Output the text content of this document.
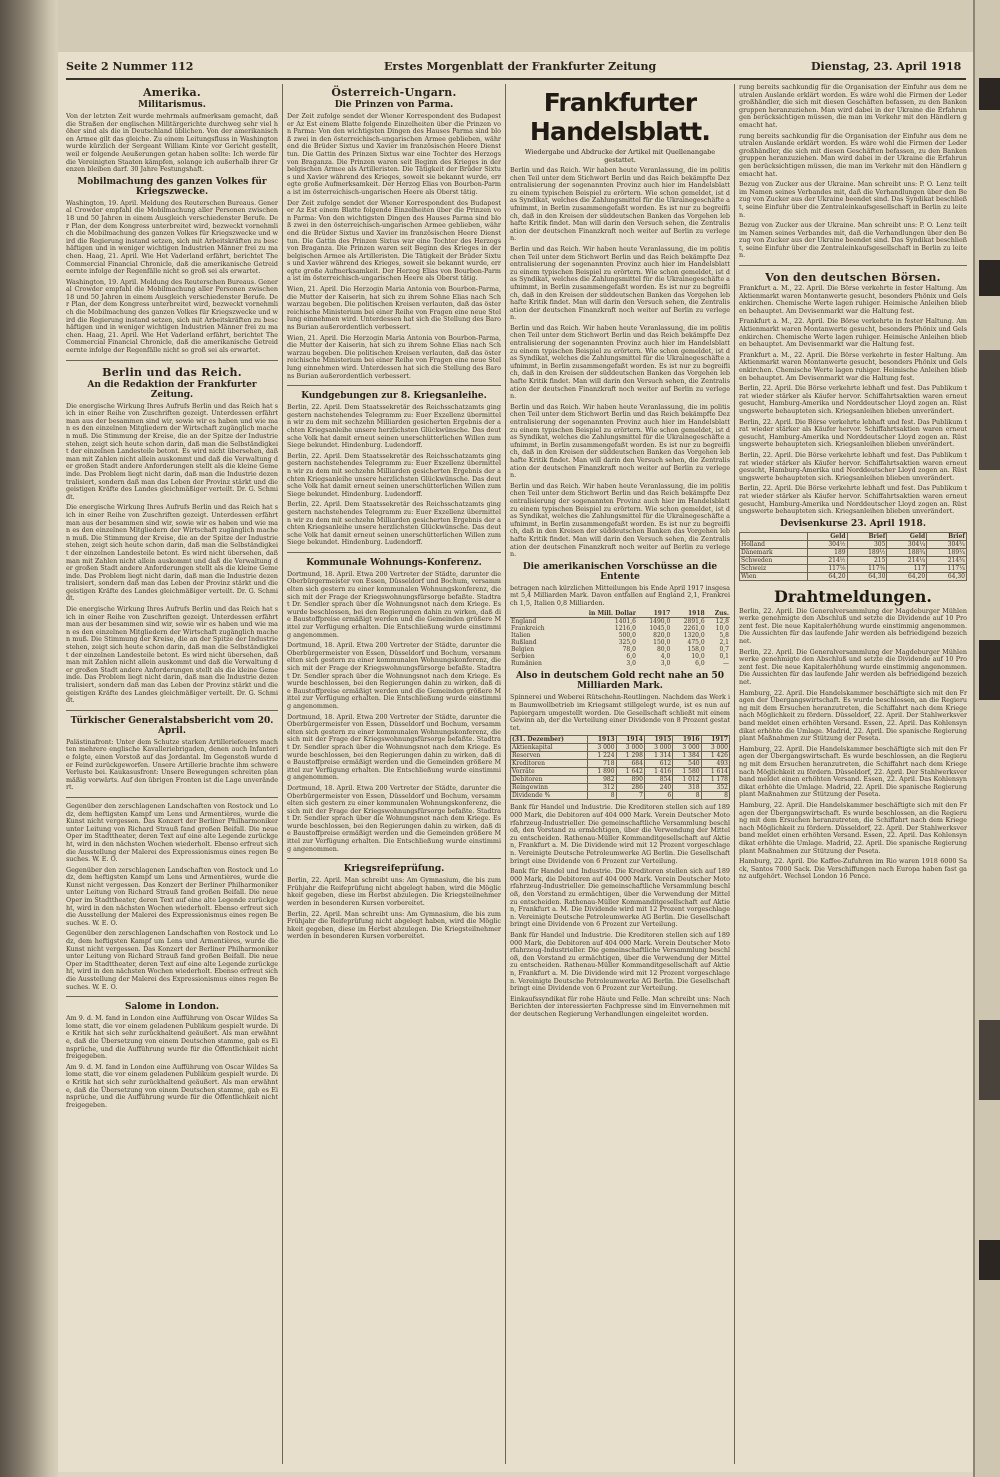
Seite 2 Nummer 112	Erstes Morgenblatt der Frankfurter Zeitung	Dienstag, 23. April 1918
Amerika.
Militarismus.

Von der letzten Zeit wurde mehrmals aufmerksam gemacht, daß die Straßen der englischen Militärgerichte durchweg sehr viel höher sind als die in Deutschland üblichen. Von der amerikanischen Armee gilt das gleiche. Zu einem Leitungsfluss in Washington wurde kürzlich der Sergeant William Kinte vor Gericht gestellt, weil er folgende Aeußerungen getan haben sollte: Ich werde für die Vereinigten Staaten kämpfen, solange ich außerhalb ihrer Grenzen bleiben darf. 30 Jahre Festungshaft.

Mobilmachung des ganzen Volkes für Kriegszwecke.

Washington, 19. April. Meldung des Reuterschen Bureaus. General Crowder empfahl die Mobilmachung aller Personen zwischen 18 und 50 Jahren in einem Ausgleich verschiedenster Berufe. Der Plan, der dem Kongress unterbreitet wird, bezweckt vornehmlich die Mobilmachung des ganzen Volkes für Kriegszwecke und wird die Regierung instand setzen, sich mit Arbeitskräften zu beschäftigen und in weniger wichtigen Industrien Männer frei zu machen. Haag, 21. April. Wie Het Vaderland erfährt, berichtet The Commercial Financial Chronicle, daß die amerikanische Getreideernte infolge der Regenfälle nicht so groß sei als erwartet.

Washington, 19. April. Meldung des Reuterschen Bureaus. General Crowder empfahl die Mobilmachung aller Personen zwischen 18 und 50 Jahren in einem Ausgleich verschiedenster Berufe. Der Plan, der dem Kongress unterbreitet wird, bezweckt vornehmlich die Mobilmachung des ganzen Volkes für Kriegszwecke und wird die Regierung instand setzen, sich mit Arbeitskräften zu beschäftigen und in weniger wichtigen Industrien Männer frei zu machen. Haag, 21. April. Wie Het Vaderland erfährt, berichtet The Commercial Financial Chronicle, daß die amerikanische Getreideernte infolge der Regenfälle nicht so groß sei als erwartet.

Berlin und das Reich.
An die Redaktion der Frankfurter Zeitung.

Die energische Wirkung Ihres Aufrufs Berlin und das Reich hat sich in einer Reihe von Zuschriften gezeigt. Unterdessen erfährt man aus der besammen sind wir, sowie wir es haben und wie man es den einzelnen Mitgliedern der Wirtschaft zugänglich machen muß. Die Stimmung der Kreise, die an der Spitze der Industrie stehen, zeigt sich heute schon darin, daß man die Selbständigkeit der einzelnen Landesteile betont. Es wird nicht übersehen, daß man mit Zahlen nicht allein auskommt und daß die Verwaltung der großen Stadt andere Anforderungen stellt als die kleine Gemeinde. Das Problem liegt nicht darin, daß man die Industrie dezentralisiert, sondern daß man das Leben der Provinz stärkt und die geistigen Kräfte des Landes gleichmäßiger verteilt. Dr. G. Schmidt.

Die energische Wirkung Ihres Aufrufs Berlin und das Reich hat sich in einer Reihe von Zuschriften gezeigt. Unterdessen erfährt man aus der besammen sind wir, sowie wir es haben und wie man es den einzelnen Mitgliedern der Wirtschaft zugänglich machen muß. Die Stimmung der Kreise, die an der Spitze der Industrie stehen, zeigt sich heute schon darin, daß man die Selbständigkeit der einzelnen Landesteile betont. Es wird nicht übersehen, daß man mit Zahlen nicht allein auskommt und daß die Verwaltung der großen Stadt andere Anforderungen stellt als die kleine Gemeinde. Das Problem liegt nicht darin, daß man die Industrie dezentralisiert, sondern daß man das Leben der Provinz stärkt und die geistigen Kräfte des Landes gleichmäßiger verteilt. Dr. G. Schmidt.

Die energische Wirkung Ihres Aufrufs Berlin und das Reich hat sich in einer Reihe von Zuschriften gezeigt. Unterdessen erfährt man aus der besammen sind wir, sowie wir es haben und wie man es den einzelnen Mitgliedern der Wirtschaft zugänglich machen muß. Die Stimmung der Kreise, die an der Spitze der Industrie stehen, zeigt sich heute schon darin, daß man die Selbständigkeit der einzelnen Landesteile betont. Es wird nicht übersehen, daß man mit Zahlen nicht allein auskommt und daß die Verwaltung der großen Stadt andere Anforderungen stellt als die kleine Gemeinde. Das Problem liegt nicht darin, daß man die Industrie dezentralisiert, sondern daß man das Leben der Provinz stärkt und die geistigen Kräfte des Landes gleichmäßiger verteilt. Dr. G. Schmidt.

Türkischer Generalstabsbericht vom 20. April.

Palästinafront: Unter dem Schutze starken Artilleriefeuers machten mehrere englische Kavalleriebrigaden, denen auch Infanterie folgte, einen Vorstoß auf das Jordantal. Im Gegenstoß wurde der Feind zurückgeworfen. Unsere Artillerie brachte ihm schwere Verluste bei. Kaukasusfront: Unsere Bewegungen schreiten planmäßig vorwärts. Auf den übrigen Fronten ist die Lage unverändert.

Gegenüber den zerschlagenen Landschaften von Rostock und Lodz, dem heftigsten Kampf um Lens und Armentières, wurde die Kunst nicht vergessen. Das Konzert der Berliner Philharmoniker unter Leitung von Richard Strauß fand großen Beifall. Die neue Oper im Stadttheater, deren Text auf eine alte Legende zurückgeht, wird in den nächsten Wochen wiederholt. Ebenso erfreut sich die Ausstellung der Malerei des Expressionismus eines regen Besuches. W. E. O.

Gegenüber den zerschlagenen Landschaften von Rostock und Lodz, dem heftigsten Kampf um Lens und Armentières, wurde die Kunst nicht vergessen. Das Konzert der Berliner Philharmoniker unter Leitung von Richard Strauß fand großen Beifall. Die neue Oper im Stadttheater, deren Text auf eine alte Legende zurückgeht, wird in den nächsten Wochen wiederholt. Ebenso erfreut sich die Ausstellung der Malerei des Expressionismus eines regen Besuches. W. E. O.

Gegenüber den zerschlagenen Landschaften von Rostock und Lodz, dem heftigsten Kampf um Lens und Armentières, wurde die Kunst nicht vergessen. Das Konzert der Berliner Philharmoniker unter Leitung von Richard Strauß fand großen Beifall. Die neue Oper im Stadttheater, deren Text auf eine alte Legende zurückgeht, wird in den nächsten Wochen wiederholt. Ebenso erfreut sich die Ausstellung der Malerei des Expressionismus eines regen Besuches. W. E. O.

Salome in London.

Am 9. d. M. fand in London eine Aufführung von Oscar Wildes Salome statt, die vor einem geladenen Publikum gespielt wurde. Die Kritik hat sich sehr zurückhaltend geäußert. Als man erwähnte, daß die Übersetzung von einem Deutschen stamme, gab es Einsprüche, und die Aufführung wurde für die Öffentlichkeit nicht freigegeben.

Am 9. d. M. fand in London eine Aufführung von Oscar Wildes Salome statt, die vor einem geladenen Publikum gespielt wurde. Die Kritik hat sich sehr zurückhaltend geäußert. Als man erwähnte, daß die Übersetzung von einem Deutschen stamme, gab es Einsprüche, und die Aufführung wurde für die Öffentlichkeit nicht freigegeben.

Österreich-Ungarn.
Die Prinzen von Parma.

Der Zeit zufolge sendet der Wiener Korrespondent des Budapester Az Est einem Blatte folgende Einzelheiten über die Prinzen von Parma: Von den wichtigsten Dingen des Hauses Parma sind bloß zwei in den österreichisch-ungarischen Armee geblieben, während die Brüder Sixtus und Xavier im französischen Heere Dienst tun. Die Gattin des Prinzen Sixtus war eine Tochter des Herzogs von Braganza. Die Prinzen waren seit Beginn des Krieges in der belgischen Armee als Artilleristen. Die Tätigkeit der Brüder Sixtus und Xavier während des Krieges, soweit sie bekannt wurde, erregte große Aufmerksamkeit. Der Herzog Elias von Bourbon-Parma ist im österreichisch-ungarischen Heere als Oberst tätig.

Der Zeit zufolge sendet der Wiener Korrespondent des Budapester Az Est einem Blatte folgende Einzelheiten über die Prinzen von Parma: Von den wichtigsten Dingen des Hauses Parma sind bloß zwei in den österreichisch-ungarischen Armee geblieben, während die Brüder Sixtus und Xavier im französischen Heere Dienst tun. Die Gattin des Prinzen Sixtus war eine Tochter des Herzogs von Braganza. Die Prinzen waren seit Beginn des Krieges in der belgischen Armee als Artilleristen. Die Tätigkeit der Brüder Sixtus und Xavier während des Krieges, soweit sie bekannt wurde, erregte große Aufmerksamkeit. Der Herzog Elias von Bourbon-Parma ist im österreichisch-ungarischen Heere als Oberst tätig.

Wien, 21. April. Die Herzogin Maria Antonia von Bourbon-Parma, die Mutter der Kaiserin, hat sich zu ihrem Sohne Elias nach Schwarzau begeben. Die politischen Kreisen verlauten, daß das österreichische Ministerium bei einer Reihe von Fragen eine neue Stellung einnehmen wird. Unterdessen hat sich die Stellung des Barons Burian außerordentlich verbessert.

Wien, 21. April. Die Herzogin Maria Antonia von Bourbon-Parma, die Mutter der Kaiserin, hat sich zu ihrem Sohne Elias nach Schwarzau begeben. Die politischen Kreisen verlauten, daß das österreichische Ministerium bei einer Reihe von Fragen eine neue Stellung einnehmen wird. Unterdessen hat sich die Stellung des Barons Burian außerordentlich verbessert.

Kundgebungen zur 8. Kriegsanleihe.

Berlin, 22. April. Dem Staatssekretär des Reichsschatzamts ging gestern nachstehendes Telegramm zu: Euer Exzellenz übermitteln wir zu dem mit sechzehn Milliarden gesicherten Ergebnis der achten Kriegsanleihe unsere herzlichsten Glückwünsche. Das deutsche Volk hat damit erneut seinen unerschütterlichen Willen zum Siege bekundet. Hindenburg. Ludendorff.

Berlin, 22. April. Dem Staatssekretär des Reichsschatzamts ging gestern nachstehendes Telegramm zu: Euer Exzellenz übermitteln wir zu dem mit sechzehn Milliarden gesicherten Ergebnis der achten Kriegsanleihe unsere herzlichsten Glückwünsche. Das deutsche Volk hat damit erneut seinen unerschütterlichen Willen zum Siege bekundet. Hindenburg. Ludendorff.

Berlin, 22. April. Dem Staatssekretär des Reichsschatzamts ging gestern nachstehendes Telegramm zu: Euer Exzellenz übermitteln wir zu dem mit sechzehn Milliarden gesicherten Ergebnis der achten Kriegsanleihe unsere herzlichsten Glückwünsche. Das deutsche Volk hat damit erneut seinen unerschütterlichen Willen zum Siege bekundet. Hindenburg. Ludendorff.

Kommunale Wohnungs-Konferenz.

Dortmund, 18. April. Etwa 200 Vertreter der Städte, darunter die Oberbürgermeister von Essen, Düsseldorf und Bochum, versammelten sich gestern zu einer kommunalen Wohnungskonferenz, die sich mit der Frage der Kriegswohnungsfürsorge befaßte. Stadtrat Dr. Sendler sprach über die Wohnungsnot nach dem Kriege. Es wurde beschlossen, bei den Regierungen dahin zu wirken, daß die Baustoffpreise ermäßigt werden und die Gemeinden größere Mittel zur Verfügung erhalten. Die Entschließung wurde einstimmig angenommen.

Dortmund, 18. April. Etwa 200 Vertreter der Städte, darunter die Oberbürgermeister von Essen, Düsseldorf und Bochum, versammelten sich gestern zu einer kommunalen Wohnungskonferenz, die sich mit der Frage der Kriegswohnungsfürsorge befaßte. Stadtrat Dr. Sendler sprach über die Wohnungsnot nach dem Kriege. Es wurde beschlossen, bei den Regierungen dahin zu wirken, daß die Baustoffpreise ermäßigt werden und die Gemeinden größere Mittel zur Verfügung erhalten. Die Entschließung wurde einstimmig angenommen.

Dortmund, 18. April. Etwa 200 Vertreter der Städte, darunter die Oberbürgermeister von Essen, Düsseldorf und Bochum, versammelten sich gestern zu einer kommunalen Wohnungskonferenz, die sich mit der Frage der Kriegswohnungsfürsorge befaßte. Stadtrat Dr. Sendler sprach über die Wohnungsnot nach dem Kriege. Es wurde beschlossen, bei den Regierungen dahin zu wirken, daß die Baustoffpreise ermäßigt werden und die Gemeinden größere Mittel zur Verfügung erhalten. Die Entschließung wurde einstimmig angenommen.

Dortmund, 18. April. Etwa 200 Vertreter der Städte, darunter die Oberbürgermeister von Essen, Düsseldorf und Bochum, versammelten sich gestern zu einer kommunalen Wohnungskonferenz, die sich mit der Frage der Kriegswohnungsfürsorge befaßte. Stadtrat Dr. Sendler sprach über die Wohnungsnot nach dem Kriege. Es wurde beschlossen, bei den Regierungen dahin zu wirken, daß die Baustoffpreise ermäßigt werden und die Gemeinden größere Mittel zur Verfügung erhalten. Die Entschließung wurde einstimmig angenommen.

Kriegsreifeprüfung.

Berlin, 22. April. Man schreibt uns: Am Gymnasium, die bis zum Frühjahr die Reifeprüfung nicht abgelegt haben, wird die Möglichkeit gegeben, diese im Herbst abzulegen. Die Kriegsteilnehmer werden in besonderen Kursen vorbereitet.

Berlin, 22. April. Man schreibt uns: Am Gymnasium, die bis zum Frühjahr die Reifeprüfung nicht abgelegt haben, wird die Möglichkeit gegeben, diese im Herbst abzulegen. Die Kriegsteilnehmer werden in besonderen Kursen vorbereitet.

Frankfurter Handelsblatt.
Wiedergabe und Abdrucke der Artikel mit Quellenangabe gestattet.

Berlin und das Reich. Wir haben heute Veranlassung, die im politischen Teil unter dem Stichwort Berlin und das Reich bekämpfte Dezentralisierung der sogenannten Provinz auch hier im Handelsblatt zu einem typischen Beispiel zu erörtern. Wie schon gemeldet, ist das Syndikat, welches die Zahlungsmittel für die Ukrainegeschäfte aufnimmt, in Berlin zusammengefaßt worden. Es ist nur zu begreiflich, daß in den Kreisen der süddeutschen Banken das Vorgehen lebhafte Kritik findet. Man will darin den Versuch sehen, die Zentralisation der deutschen Finanzkraft noch weiter auf Berlin zu verlegen.

Berlin und das Reich. Wir haben heute Veranlassung, die im politischen Teil unter dem Stichwort Berlin und das Reich bekämpfte Dezentralisierung der sogenannten Provinz auch hier im Handelsblatt zu einem typischen Beispiel zu erörtern. Wie schon gemeldet, ist das Syndikat, welches die Zahlungsmittel für die Ukrainegeschäfte aufnimmt, in Berlin zusammengefaßt worden. Es ist nur zu begreiflich, daß in den Kreisen der süddeutschen Banken das Vorgehen lebhafte Kritik findet. Man will darin den Versuch sehen, die Zentralisation der deutschen Finanzkraft noch weiter auf Berlin zu verlegen.

Berlin und das Reich. Wir haben heute Veranlassung, die im politischen Teil unter dem Stichwort Berlin und das Reich bekämpfte Dezentralisierung der sogenannten Provinz auch hier im Handelsblatt zu einem typischen Beispiel zu erörtern. Wie schon gemeldet, ist das Syndikat, welches die Zahlungsmittel für die Ukrainegeschäfte aufnimmt, in Berlin zusammengefaßt worden. Es ist nur zu begreiflich, daß in den Kreisen der süddeutschen Banken das Vorgehen lebhafte Kritik findet. Man will darin den Versuch sehen, die Zentralisation der deutschen Finanzkraft noch weiter auf Berlin zu verlegen.

Berlin und das Reich. Wir haben heute Veranlassung, die im politischen Teil unter dem Stichwort Berlin und das Reich bekämpfte Dezentralisierung der sogenannten Provinz auch hier im Handelsblatt zu einem typischen Beispiel zu erörtern. Wie schon gemeldet, ist das Syndikat, welches die Zahlungsmittel für die Ukrainegeschäfte aufnimmt, in Berlin zusammengefaßt worden. Es ist nur zu begreiflich, daß in den Kreisen der süddeutschen Banken das Vorgehen lebhafte Kritik findet. Man will darin den Versuch sehen, die Zentralisation der deutschen Finanzkraft noch weiter auf Berlin zu verlegen.

Berlin und das Reich. Wir haben heute Veranlassung, die im politischen Teil unter dem Stichwort Berlin und das Reich bekämpfte Dezentralisierung der sogenannten Provinz auch hier im Handelsblatt zu einem typischen Beispiel zu erörtern. Wie schon gemeldet, ist das Syndikat, welches die Zahlungsmittel für die Ukrainegeschäfte aufnimmt, in Berlin zusammengefaßt worden. Es ist nur zu begreiflich, daß in den Kreisen der süddeutschen Banken das Vorgehen lebhafte Kritik findet. Man will darin den Versuch sehen, die Zentralisation der deutschen Finanzkraft noch weiter auf Berlin zu verlegen.

Die amerikanischen Vorschüsse an die Entente

betragen nach kürzlichen Mitteilungen bis Ende April 1917 insgesamt 5,4 Milliarden Mark. Davon entfallen auf England 2,1, Frankreich 1,5, Italien 0,8 Milliarden.

	in Mill. Dollar	1917	1918	Zus.
England	1401,6	1490,0	2891,6	12,8
Frankreich	1216,0	1045,0	2261,0	10,0
Italien	500,0	820,0	1320,0	5,8
Rußland	325,0	150,0	475,0	2,1
Belgien	78,0	80,0	158,0	0,7
Serbien	6,0	4,0	10,0	0,1
Rumänien	3,0	3,0	6,0	—
Also in deutschem Gold recht nahe an 50 Milliarden Mark.

Spinnerei und Weberei Rütschehn-Reutlingen. Nachdem das Werk im Baumwollbetrieb im Kriegsamt stillgelegt wurde, ist es nun auf Papiergarn umgestellt worden. Die Gesellschaft schließt mit einem Gewinn ab, der die Verteilung einer Dividende von 8 Prozent gestattet.

(31. Dezember)	1913	1914	1915	1916	1917
Aktienkapital	3 000	3 000	3 000	3 000	3 000
Reserven	1 224	1 298	1 314	1 384	1 426
Kreditoren	718	684	612	540	493
Vorräte	1 890	1 642	1 416	1 580	1 614
Debitoren	982	890	854	1 012	1 178
Reingewinn	312	286	240	318	352
Dividende %	8	7	6	8	8

Bank für Handel und Industrie. Die Kreditoren stellen sich auf 189 000 Mark, die Debitoren auf 404 000 Mark. Verein Deutscher Motorfahrzeug-Industrieller. Die gemeinschaftliche Versammlung beschloß, den Vorstand zu ermächtigen, über die Verwendung der Mittel zu entscheiden. Rathenau-Müller Kommanditgesellschaft auf Aktien, Frankfurt a. M. Die Dividende wird mit 12 Prozent vorgeschlagen. Vereinigte Deutsche Petroleumwerke AG Berlin. Die Gesellschaft bringt eine Dividende von 6 Prozent zur Verteilung.

Bank für Handel und Industrie. Die Kreditoren stellen sich auf 189 000 Mark, die Debitoren auf 404 000 Mark. Verein Deutscher Motorfahrzeug-Industrieller. Die gemeinschaftliche Versammlung beschloß, den Vorstand zu ermächtigen, über die Verwendung der Mittel zu entscheiden. Rathenau-Müller Kommanditgesellschaft auf Aktien, Frankfurt a. M. Die Dividende wird mit 12 Prozent vorgeschlagen. Vereinigte Deutsche Petroleumwerke AG Berlin. Die Gesellschaft bringt eine Dividende von 6 Prozent zur Verteilung.

Bank für Handel und Industrie. Die Kreditoren stellen sich auf 189 000 Mark, die Debitoren auf 404 000 Mark. Verein Deutscher Motorfahrzeug-Industrieller. Die gemeinschaftliche Versammlung beschloß, den Vorstand zu ermächtigen, über die Verwendung der Mittel zu entscheiden. Rathenau-Müller Kommanditgesellschaft auf Aktien, Frankfurt a. M. Die Dividende wird mit 12 Prozent vorgeschlagen. Vereinigte Deutsche Petroleumwerke AG Berlin. Die Gesellschaft bringt eine Dividende von 6 Prozent zur Verteilung.

Einkaufssyndikat für rohe Häute und Felle. Man schreibt uns: Nach Berichten der interessierten Fachpresse sind im Einvernehmen mit der deutschen Regierung Verhandlungen eingeleitet worden.

rung bereits sachkundig für die Organisation der Einfuhr aus dem neutralen Auslande erklärt worden. Es wäre wohl die Firmen der Ledergroßhändler, die sich mit diesen Geschäften befassen, zu den Bankengruppen heranzuziehen. Man wird dabei in der Ukraine die Erfahrungen berücksichtigen müssen, die man im Verkehr mit den Händlern gemacht hat.

rung bereits sachkundig für die Organisation der Einfuhr aus dem neutralen Auslande erklärt worden. Es wäre wohl die Firmen der Ledergroßhändler, die sich mit diesen Geschäften befassen, zu den Bankengruppen heranzuziehen. Man wird dabei in der Ukraine die Erfahrungen berücksichtigen müssen, die man im Verkehr mit den Händlern gemacht hat.

Bezug von Zucker aus der Ukraine. Man schreibt uns: P. O. Lenz teilt im Namen seines Verbandes mit, daß die Verhandlungen über den Bezug von Zucker aus der Ukraine beendet sind. Das Syndikat beschließt, seine Einfuhr über die Zentraleinkaufsgesellschaft in Berlin zu leiten.

Bezug von Zucker aus der Ukraine. Man schreibt uns: P. O. Lenz teilt im Namen seines Verbandes mit, daß die Verhandlungen über den Bezug von Zucker aus der Ukraine beendet sind. Das Syndikat beschließt, seine Einfuhr über die Zentraleinkaufsgesellschaft in Berlin zu leiten.

Von den deutschen Börsen.

Frankfurt a. M., 22. April. Die Börse verkehrte in fester Haltung. Am Aktienmarkt waren Montanwerte gesucht, besonders Phönix und Gelsenkirchen. Chemische Werte lagen ruhiger. Heimische Anleihen blieben behauptet. Am Devisenmarkt war die Haltung fest.

Frankfurt a. M., 22. April. Die Börse verkehrte in fester Haltung. Am Aktienmarkt waren Montanwerte gesucht, besonders Phönix und Gelsenkirchen. Chemische Werte lagen ruhiger. Heimische Anleihen blieben behauptet. Am Devisenmarkt war die Haltung fest.

Frankfurt a. M., 22. April. Die Börse verkehrte in fester Haltung. Am Aktienmarkt waren Montanwerte gesucht, besonders Phönix und Gelsenkirchen. Chemische Werte lagen ruhiger. Heimische Anleihen blieben behauptet. Am Devisenmarkt war die Haltung fest.

Berlin, 22. April. Die Börse verkehrte lebhaft und fest. Das Publikum trat wieder stärker als Käufer hervor. Schiffahrtsaktien waren erneut gesucht, Hamburg-Amerika und Norddeutscher Lloyd zogen an. Rüstungswerte behaupteten sich. Kriegsanleihen blieben unverändert.

Berlin, 22. April. Die Börse verkehrte lebhaft und fest. Das Publikum trat wieder stärker als Käufer hervor. Schiffahrtsaktien waren erneut gesucht, Hamburg-Amerika und Norddeutscher Lloyd zogen an. Rüstungswerte behaupteten sich. Kriegsanleihen blieben unverändert.

Berlin, 22. April. Die Börse verkehrte lebhaft und fest. Das Publikum trat wieder stärker als Käufer hervor. Schiffahrtsaktien waren erneut gesucht, Hamburg-Amerika und Norddeutscher Lloyd zogen an. Rüstungswerte behaupteten sich. Kriegsanleihen blieben unverändert.

Berlin, 22. April. Die Börse verkehrte lebhaft und fest. Das Publikum trat wieder stärker als Käufer hervor. Schiffahrtsaktien waren erneut gesucht, Hamburg-Amerika und Norddeutscher Lloyd zogen an. Rüstungswerte behaupteten sich. Kriegsanleihen blieben unverändert.

Devisenkurse 23. April 1918.
	Geld	Brief	Geld	Brief
Holland	304½	305	304¼	304¾
Dänemark	189	189½	188¾	189¼
Schweden	214½	215	214¼	214¾
Schweiz	117⅛	117⅜	117	117¼
Wien	64,20	64,30	64,20	64,30
Drahtmeldungen.

Berlin, 22. April. Die Generalversammlung der Magdeburger Mühlenwerke genehmigte den Abschluß und setzte die Dividende auf 10 Prozent fest. Die neue Kapitalerhöhung wurde einstimmig angenommen. Die Aussichten für das laufende Jahr werden als befriedigend bezeichnet.

Berlin, 22. April. Die Generalversammlung der Magdeburger Mühlenwerke genehmigte den Abschluß und setzte die Dividende auf 10 Prozent fest. Die neue Kapitalerhöhung wurde einstimmig angenommen. Die Aussichten für das laufende Jahr werden als befriedigend bezeichnet.

Hamburg, 22. April. Die Handelskammer beschäftigte sich mit den Fragen der Übergangswirtschaft. Es wurde beschlossen, an die Regierung mit dem Ersuchen heranzutreten, die Schiffahrt nach dem Kriege nach Möglichkeit zu fördern. Düsseldorf, 22. April. Der Stahlwerksverband meldet einen erhöhten Versand. Essen, 22. April. Das Kohlensyndikat erhöhte die Umlage. Madrid, 22. April. Die spanische Regierung plant Maßnahmen zur Stützung der Peseta.

Hamburg, 22. April. Die Handelskammer beschäftigte sich mit den Fragen der Übergangswirtschaft. Es wurde beschlossen, an die Regierung mit dem Ersuchen heranzutreten, die Schiffahrt nach dem Kriege nach Möglichkeit zu fördern. Düsseldorf, 22. April. Der Stahlwerksverband meldet einen erhöhten Versand. Essen, 22. April. Das Kohlensyndikat erhöhte die Umlage. Madrid, 22. April. Die spanische Regierung plant Maßnahmen zur Stützung der Peseta.

Hamburg, 22. April. Die Handelskammer beschäftigte sich mit den Fragen der Übergangswirtschaft. Es wurde beschlossen, an die Regierung mit dem Ersuchen heranzutreten, die Schiffahrt nach dem Kriege nach Möglichkeit zu fördern. Düsseldorf, 22. April. Der Stahlwerksverband meldet einen erhöhten Versand. Essen, 22. April. Das Kohlensyndikat erhöhte die Umlage. Madrid, 22. April. Die spanische Regierung plant Maßnahmen zur Stützung der Peseta.

Hamburg, 22. April. Die Kaffee-Zufuhren im Rio waren 1918 6000 Sack, Santos 7000 Sack. Die Verschiffungen nach Europa haben fast ganz aufgehört. Wechsel London 16 Pence.
